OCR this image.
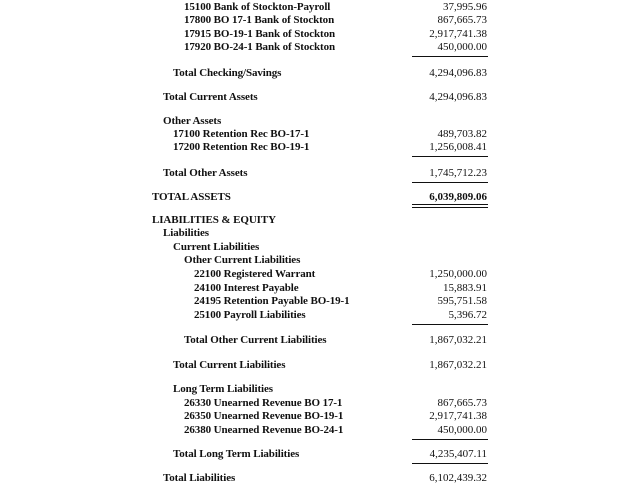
15100 Bank of Stockton-Payroll	37,995.96
17800 BO 17-1 Bank of Stockton	867,665.73
17915 BO-19-1 Bank of Stockton	2,917,741.38
17920 BO-24-1 Bank of Stockton	450,000.00
Total Checking/Savings	4,294,096.83
Total Current Assets	4,294,096.83
Other Assets
17100 Retention Rec BO-17-1	489,703.82
17200 Retention Rec BO-19-1	1,256,008.41
Total Other Assets	1,745,712.23
TOTAL ASSETS	6,039,809.06
LIABILITIES & EQUITY
Liabilities
Current Liabilities
Other Current Liabilities
22100 Registered Warrant	1,250,000.00
24100 Interest Payable	15,883.91
24195 Retention Payable BO-19-1	595,751.58
25100 Payroll Liabilities	5,396.72
Total Other Current Liabilities	1,867,032.21
Total Current Liabilities	1,867,032.21
Long Term Liabilities
26330 Unearned Revenue BO 17-1	867,665.73
26350 Unearned Revenue BO-19-1	2,917,741.38
26380 Unearned Revenue BO-24-1	450,000.00
Total Long Term Liabilities	4,235,407.11
Total Liabilities	6,102,439.32
